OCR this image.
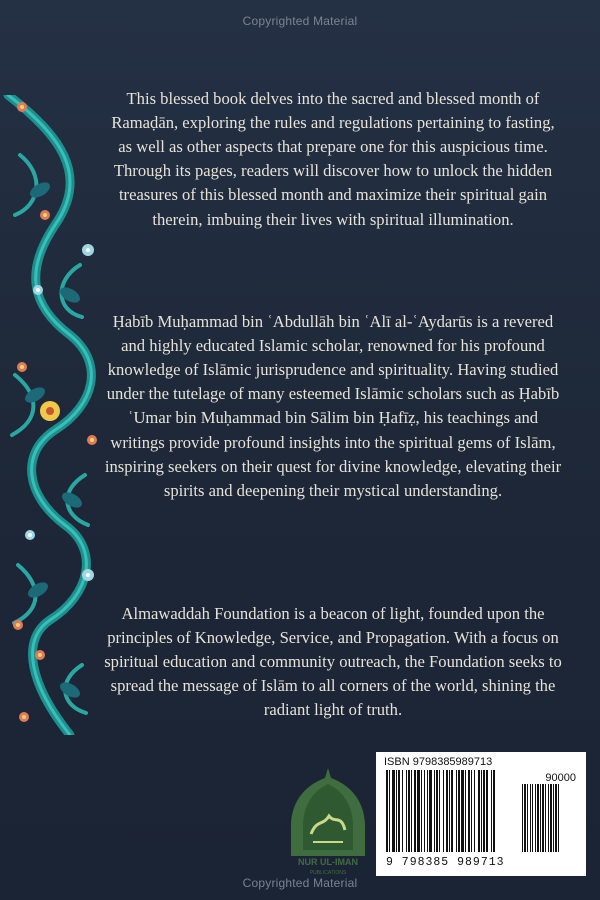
Copyrighted Material

This blessed book delves into the sacred and blessed month of Ramaḍān, exploring the rules and regulations pertaining to fasting, as well as other aspects that prepare one for this auspicious time. Through its pages, readers will discover how to unlock the hidden treasures of this blessed month and maximize their spiritual gain therein, imbuing their lives with spiritual illumination.

Ḥabīb Muḥammad bin ʿAbdullāh bin ʿAlī al-ʿAydarūs is a revered and highly educated Islamic scholar, renowned for his profound knowledge of Islāmic jurisprudence and spirituality. Having studied under the tutelage of many esteemed Islāmic scholars such as Ḥabīb ʿUmar bin Muḥammad bin Sālim bin Ḥafīẓ, his teachings and writings provide profound insights into the spiritual gems of Islām, inspiring seekers on their quest for divine knowledge, elevating their spirits and deepening their mystical understanding.

Almawaddah Foundation is a beacon of light, founded upon the principles of Knowledge, Service, and Propagation. With a focus on spiritual education and community outreach, the Foundation seeks to spread the message of Islām to all corners of the world, shining the radiant light of truth.

NUR UL-IMAN
PUBLICATIONS
ISBN 9798385989713
90000
9 798385 989713
Copyrighted Material
